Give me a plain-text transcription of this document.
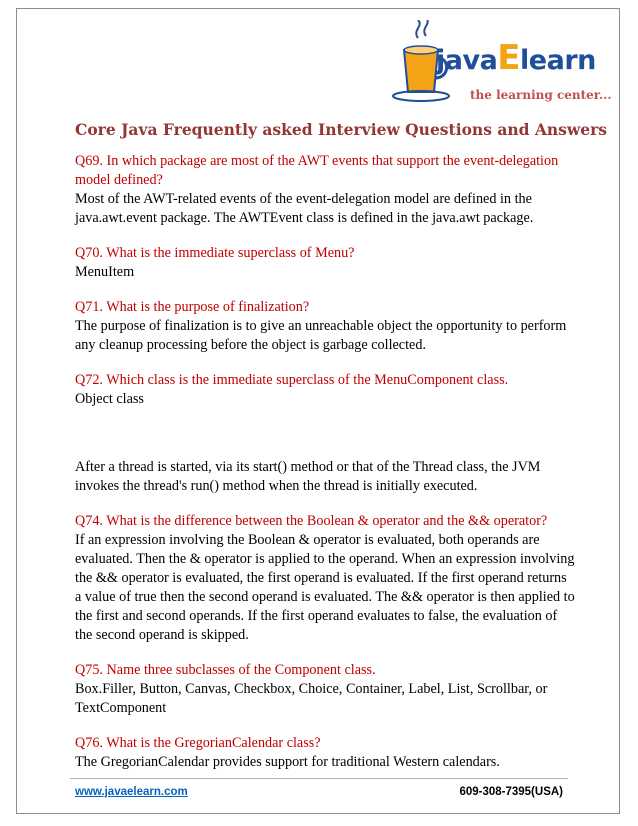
javaElearn
the learning center...
Core Java Frequently asked Interview Questions and Answers
Q69. In which package are most of the AWT events that support the event-delegation model defined?
Most of the AWT-related events of the event-delegation model are defined in the java.awt.event package. The AWTEvent class is defined in the java.awt package.
Q70. What is the immediate superclass of Menu?
MenuItem
Q71. What is the purpose of finalization?
The purpose of finalization is to give an unreachable object the opportunity to perform any cleanup processing before the object is garbage collected.
Q72. Which class is the immediate superclass of the MenuComponent class.
Object class
After a thread is started, via its start() method or that of the Thread class, the JVM invokes the thread's run() method when the thread is initially executed.
Q74. What is the difference between the Boolean & operator and the && operator?
If an expression involving the Boolean & operator is evaluated, both operands are evaluated. Then the & operator is applied to the operand. When an expression involving the && operator is evaluated, the first operand is evaluated. If the first operand returns a value of true then the second operand is evaluated. The && operator is then applied to the first and second operands. If the first operand evaluates to false, the evaluation of the second operand is skipped.
Q75. Name three subclasses of the Component class.
Box.Filler, Button, Canvas, Checkbox, Choice, Container, Label, List, Scrollbar, or TextComponent
Q76. What is the GregorianCalendar class?
The GregorianCalendar provides support for traditional Western calendars.
www.javaelearn.com	609-308-7395(USA)
